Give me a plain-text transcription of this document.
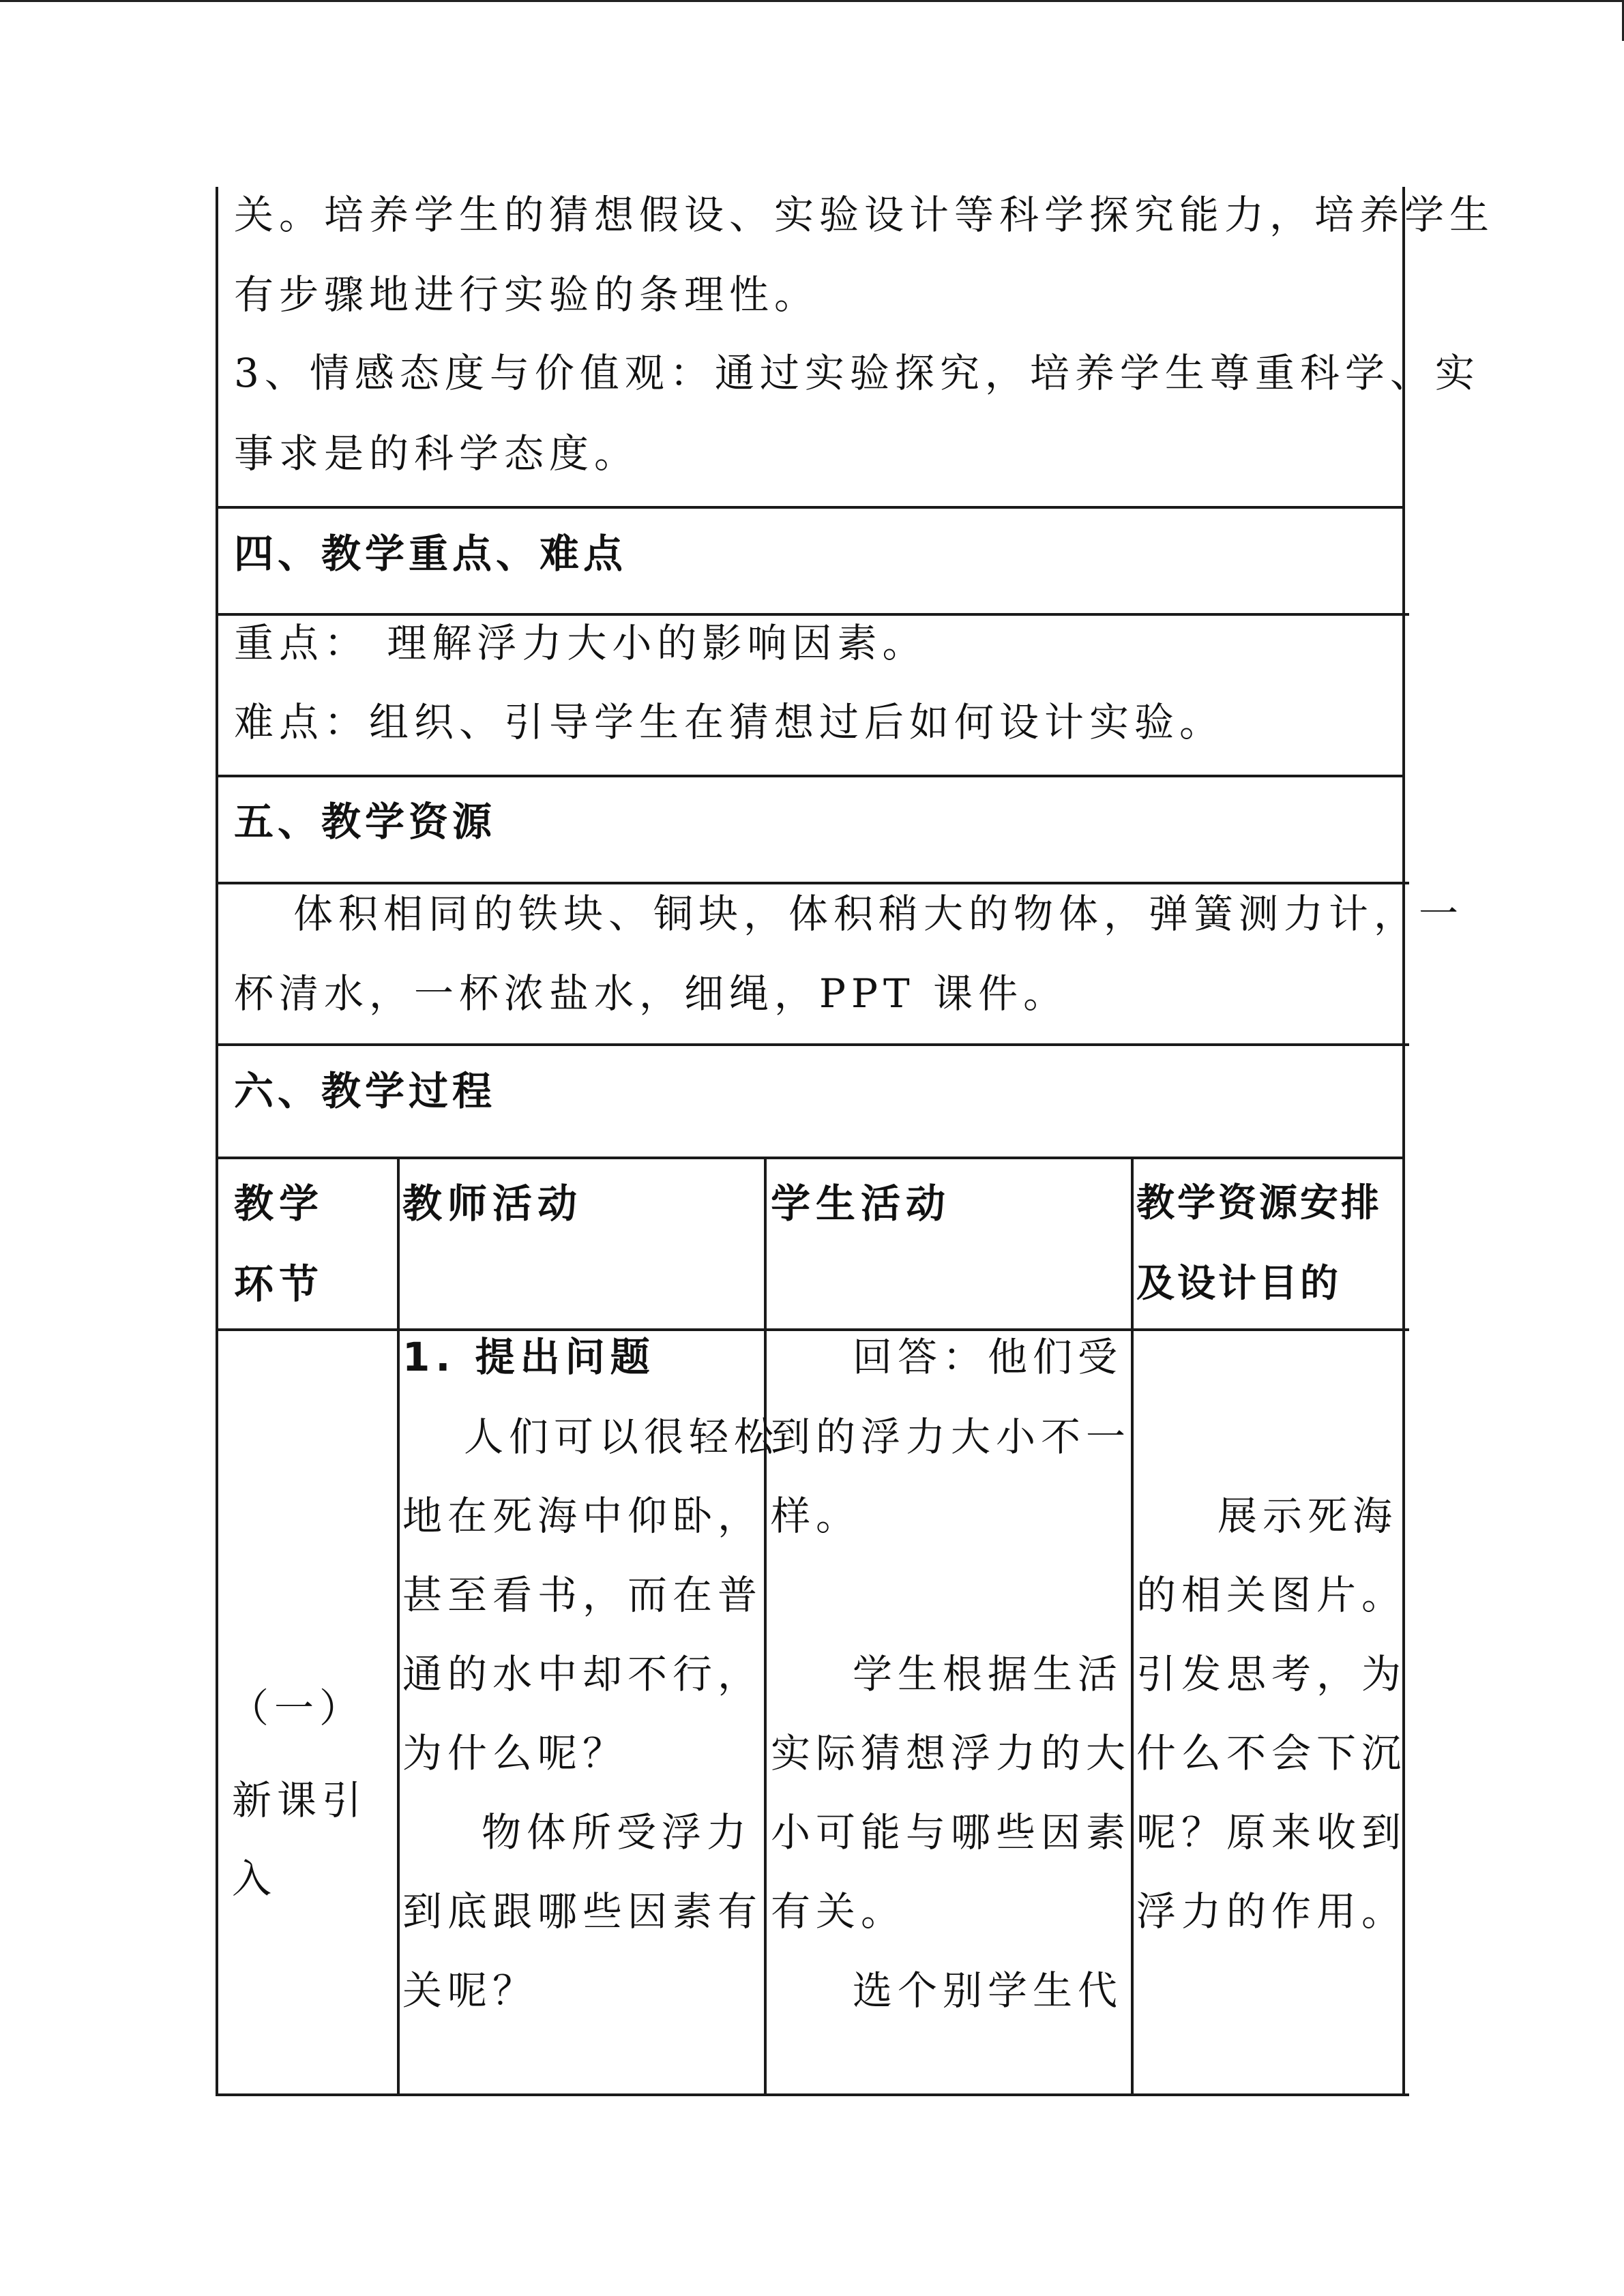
关。培养学生的猜想假设、实验设计等科学探究能力，培养学生
有步骤地进行实验的条理性。
3、情感态度与价值观：通过实验探究，培养学生尊重科学、实
事求是的科学态度。
四、教学重点、难点
重点： 理解浮力大小的影响因素。
难点：组织、引导学生在猜想过后如何设计实验。
五、教学资源
体积相同的铁块、铜块，体积稍大的物体，弹簧测力计，一
杯清水，一杯浓盐水，细绳，PPT 课件。
六、教学过程
教学
环节
教师活动	学生活动	教学资源安排
及设计目的
（一）
新课引
入
1. 提出问题
人们可以很轻松
地在死海中仰卧，
甚至看书，而在普
通的水中却不行，
为什么呢？
物体所受浮力
到底跟哪些因素有
关呢？
回答：他们受
到的浮力大小不一
样。
学生根据生活
实际猜想浮力的大
小可能与哪些因素
有关。
选个别学生代
展示死海
的相关图片。
引发思考，为
什么不会下沉
呢？原来收到
浮力的作用。
